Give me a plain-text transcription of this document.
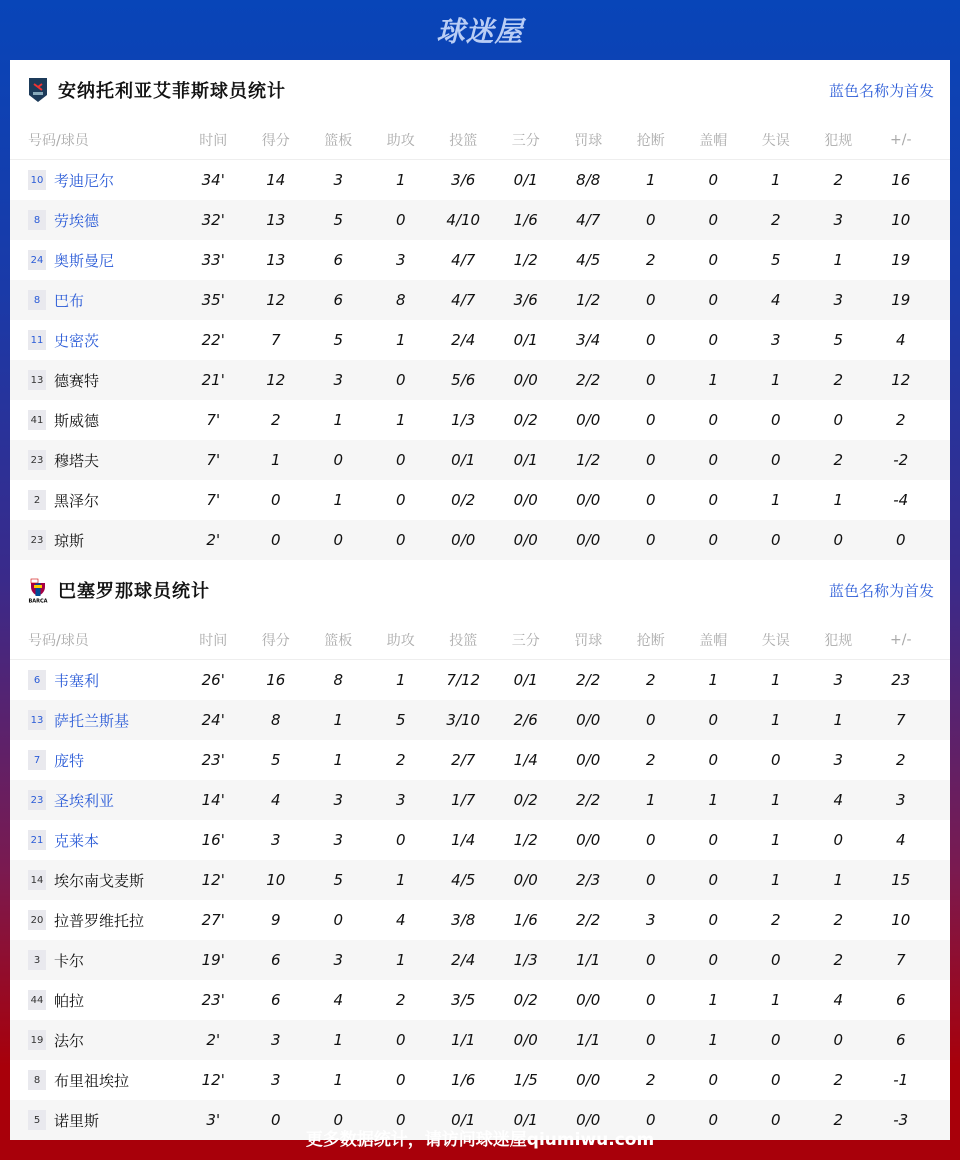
球迷屋
安纳托利亚艾菲斯球员统计	蓝色名称为首发
号码/球员	时间	得分	篮板	助攻	投篮	三分	罚球	抢断	盖帽	失误	犯规	+/-
10 考迪尼尔	34'	14	3	1	3/6	0/1	8/8	1	0	1	2	16
8 劳埃德	32'	13	5	0	4/10	1/6	4/7	0	0	2	3	10
24 奥斯曼尼	33'	13	6	3	4/7	1/2	4/5	2	0	5	1	19
8 巴布	35'	12	6	8	4/7	3/6	1/2	0	0	4	3	19
11 史密茨	22'	7	5	1	2/4	0/1	3/4	0	0	3	5	4
13 德赛特	21'	12	3	0	5/6	0/0	2/2	0	1	1	2	12
41 斯威德	7'	2	1	1	1/3	0/2	0/0	0	0	0	0	2
23 穆塔夫	7'	1	0	0	0/1	0/1	1/2	0	0	0	2	-2
2 黑泽尔	7'	0	1	0	0/2	0/0	0/0	0	0	1	1	-4
23 琼斯	2'	0	0	0	0/0	0/0	0/0	0	0	0	0	0
BARÇA 巴塞罗那球员统计	蓝色名称为首发
号码/球员	时间	得分	篮板	助攻	投篮	三分	罚球	抢断	盖帽	失误	犯规	+/-
6 韦塞利	26'	16	8	1	7/12	0/1	2/2	2	1	1	3	23
13 萨托兰斯基	24'	8	1	5	3/10	2/6	0/0	0	0	1	1	7
7 庞特	23'	5	1	2	2/7	1/4	0/0	2	0	0	3	2
23 圣埃利亚	14'	4	3	3	1/7	0/2	2/2	1	1	1	4	3
21 克莱本	16'	3	3	0	1/4	1/2	0/0	0	0	1	0	4
14 埃尔南戈麦斯	12'	10	5	1	4/5	0/0	2/3	0	0	1	1	15
20 拉普罗维托拉	27'	9	0	4	3/8	1/6	2/2	3	0	2	2	10
3 卡尔	19'	6	3	1	2/4	1/3	1/1	0	0	0	2	7
44 帕拉	23'	6	4	2	3/5	0/2	0/0	0	1	1	4	6
19 法尔	2'	3	1	0	1/1	0/0	1/1	0	1	0	0	6
8 布里祖埃拉	12'	3	1	0	1/6	1/5	0/0	2	0	0	2	-1
5 诺里斯	3'	0	0	0	0/1	0/1	0/0	0	0	0	2	-3
更多数据统计，请访问球迷屋qiumiwu.com
